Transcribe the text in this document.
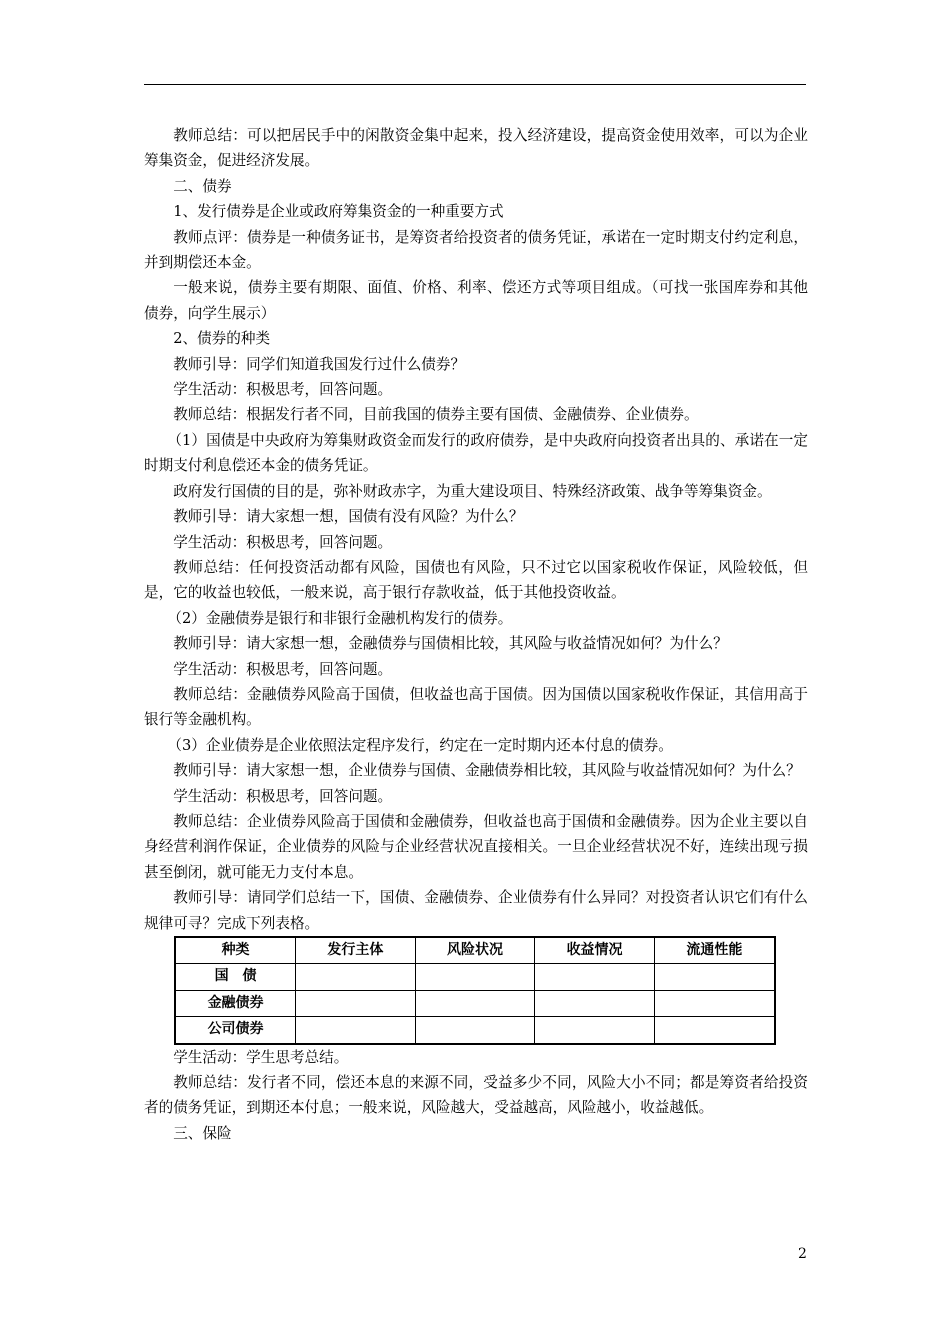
教师总结：可以把居民手中的闲散资金集中起来，投入经济建设，提高资金使用效率，可以为企业筹集资金，促进经济发展。

二、债券

1、发行债券是企业或政府筹集资金的一种重要方式

教师点评：债券是一种债务证书，是筹资者给投资者的债务凭证，承诺在一定时期支付约定利息，并到期偿还本金。

一般来说，债券主要有期限、面值、价格、利率、偿还方式等项目组成。（可找一张国库券和其他债券，向学生展示）

2、债券的种类

教师引导：同学们知道我国发行过什么债券？

学生活动：积极思考，回答问题。

教师总结：根据发行者不同，目前我国的债券主要有国债、金融债券、企业债券。

（1）国债是中央政府为筹集财政资金而发行的政府债券，是中央政府向投资者出具的、承诺在一定时期支付利息偿还本金的债务凭证。

政府发行国债的目的是，弥补财政赤字，为重大建设项目、特殊经济政策、战争等筹集资金。

教师引导：请大家想一想，国债有没有风险？为什么？

学生活动：积极思考，回答问题。

教师总结：任何投资活动都有风险，国债也有风险，只不过它以国家税收作保证，风险较低，但是，它的收益也较低，一般来说，高于银行存款收益，低于其他投资收益。

（2）金融债券是银行和非银行金融机构发行的债券。

教师引导：请大家想一想，金融债券与国债相比较，其风险与收益情况如何？为什么？

学生活动：积极思考，回答问题。

教师总结：金融债券风险高于国债，但收益也高于国债。因为国债以国家税收作保证，其信用高于银行等金融机构。

（3）企业债券是企业依照法定程序发行，约定在一定时期内还本付息的债券。

教师引导：请大家想一想，企业债券与国债、金融债券相比较，其风险与收益情况如何？为什么？

学生活动：积极思考，回答问题。

教师总结：企业债券风险高于国债和金融债券，但收益也高于国债和金融债券。因为企业主要以自身经营利润作保证，企业债券的风险与企业经营状况直接相关。一旦企业经营状况不好，连续出现亏损甚至倒闭，就可能无力支付本息。

教师引导：请同学们总结一下，国债、金融债券、企业债券有什么异同？对投资者认识它们有什么规律可寻？完成下列表格。

种类	发行主体	风险状况	收益情况	流通性能
国　债				
金融债券				
公司债券				

学生活动：学生思考总结。

教师总结：发行者不同，偿还本息的来源不同，受益多少不同，风险大小不同；都是筹资者给投资者的债务凭证，到期还本付息；一般来说，风险越大，受益越高，风险越小，收益越低。

三、保险

2
